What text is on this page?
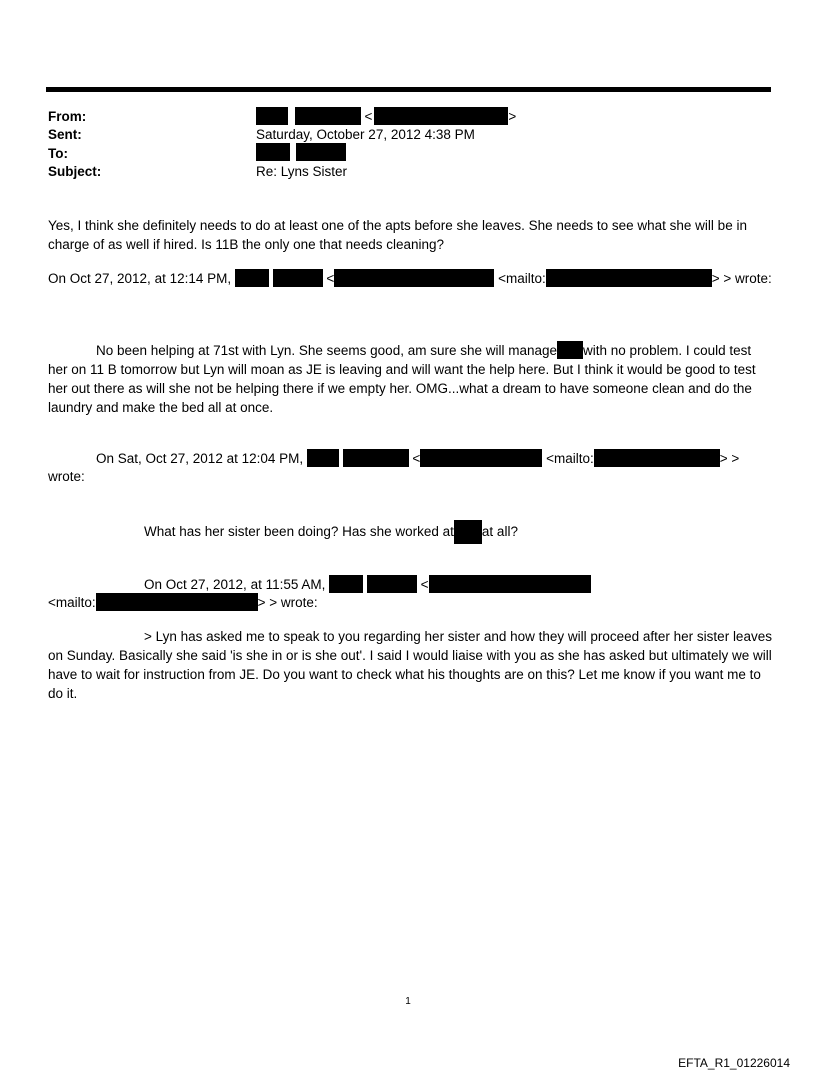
From:	<	>
Sent:	Saturday, October 27, 2012 4:38 PM
To:

Subject:	Re: Lyns Sister
Yes, I think she definitely needs to do at least one of the apts before she leaves. She needs to see what she will be in charge of as well if hired. Is 11B the only one that needs cleaning?
On Oct 27, 2012, at 12:14 PM,	<	<mailto:	> > wrote:
No been helping at 71st with Lyn. She seems good, am sure she will manage with no problem. I could test her on 11 B tomorrow but Lyn will moan as JE is leaving and will want the help here. But I think it would be good to test her out there as will she not be helping there if we empty her. OMG...what a dream to have someone clean and do the laundry and make the bed all at once.
On Sat, Oct 27, 2012 at 12:04 PM,	<	<mailto:	> >
wrote:
What has her sister been doing? Has she worked at at all?
On Oct 27, 2012, at 11:55 AM,	<
<mailto:	> > wrote:
> Lyn has asked me to speak to you regarding her sister and how they will proceed after her sister leaves on Sunday. Basically she said 'is she in or is she out'. I said I would liaise with you as she has asked but ultimately we will have to wait for instruction from JE. Do you want to check what his thoughts are on this? Let me know if you want me to do it.
1
EFTA_R1_01226014
